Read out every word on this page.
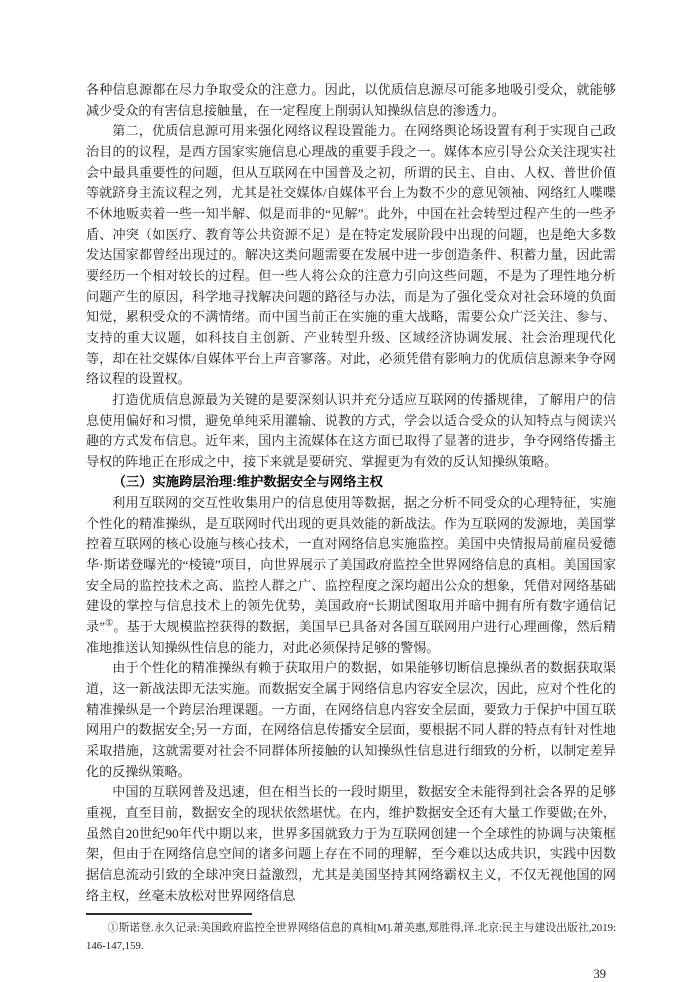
各种信息源都在尽力争取受众的注意力。因此，以优质信息源尽可能多地吸引受众，就能够减少受众的有害信息接触量，在一定程度上削弱认知操纵信息的渗透力。

第二，优质信息源可用来强化网络议程设置能力。在网络舆论场设置有利于实现自己政治目的的议程，是西方国家实施信息心理战的重要手段之一。媒体本应引导公众关注现实社会中最具重要性的问题，但从互联网在中国普及之初，所谓的民主、自由、人权、普世价值等就跻身主流议程之列，尤其是社交媒体/自媒体平台上为数不少的意见领袖、网络红人喋喋不休地贩卖着一些一知半解、似是而非的“见解”。此外，中国在社会转型过程产生的一些矛盾、冲突（如医疗、教育等公共资源不足）是在特定发展阶段中出现的问题，也是绝大多数发达国家都曾经出现过的。解决这类问题需要在发展中进一步创造条件、积蓄力量，因此需要经历一个相对较长的过程。但一些人将公众的注意力引向这些问题，不是为了理性地分析问题产生的原因，科学地寻找解决问题的路径与办法，而是为了强化受众对社会环境的负面知觉，累积受众的不满情绪。而中国当前正在实施的重大战略，需要公众广泛关注、参与、支持的重大议题，如科技自主创新、产业转型升级、区域经济协调发展、社会治理现代化等，却在社交媒体/自媒体平台上声音寥落。对此，必须凭借有影响力的优质信息源来争夺网络议程的设置权。

打造优质信息源最为关键的是要深刻认识并充分适应互联网的传播规律，了解用户的信息使用偏好和习惯，避免单纯采用灌输、说教的方式，学会以适合受众的认知特点与阅读兴趣的方式发布信息。近年来，国内主流媒体在这方面已取得了显著的进步，争夺网络传播主导权的阵地正在形成之中，接下来就是要研究、掌握更为有效的反认知操纵策略。

（三）实施跨层治理:维护数据安全与网络主权

利用互联网的交互性收集用户的信息使用等数据，据之分析不同受众的心理特征，实施个性化的精准操纵，是互联网时代出现的更具效能的新战法。作为互联网的发源地，美国掌控着互联网的核心设施与核心技术，一直对网络信息实施监控。美国中央情报局前雇员爱德华·斯诺登曝光的“棱镜”项目，向世界展示了美国政府监控全世界网络信息的真相。美国国家安全局的监控技术之高、监控人群之广、监控程度之深均超出公众的想象，凭借对网络基础建设的掌控与信息技术上的领先优势，美国政府“长期试图取用并暗中拥有所有数字通信记录”①。基于大规模监控获得的数据，美国早已具备对各国互联网用户进行心理画像，然后精准地推送认知操纵性信息的能力，对此必须保持足够的警惕。

由于个性化的精准操纵有赖于获取用户的数据，如果能够切断信息操纵者的数据获取渠道，这一新战法即无法实施。而数据安全属于网络信息内容安全层次，因此，应对个性化的精准操纵是一个跨层治理课题。一方面，在网络信息内容安全层面，要致力于保护中国互联网用户的数据安全;另一方面，在网络信息传播安全层面，要根据不同人群的特点有针对性地采取措施，这就需要对社会不同群体所接触的认知操纵性信息进行细致的分析，以制定差异化的反操纵策略。

中国的互联网普及迅速，但在相当长的一段时期里，数据安全未能得到社会各界的足够重视，直至目前，数据安全的现状依然堪忧。在内，维护数据安全还有大量工作要做;在外，虽然自20世纪90年代中期以来，世界多国就致力于为互联网创建一个全球性的协调与决策框架，但由于在网络信息空间的诸多问题上存在不同的理解，至今难以达成共识，实践中因数据信息流动引致的全球冲突日益激烈，尤其是美国坚持其网络霸权主义，不仅无视他国的网络主权，丝毫未放松对世界网络信息

①斯诺登.永久记录:美国政府监控全世界网络信息的真相[M].萧美惠,郑胜得,译.北京:民主与建设出版社,2019:146-147,159.

39
